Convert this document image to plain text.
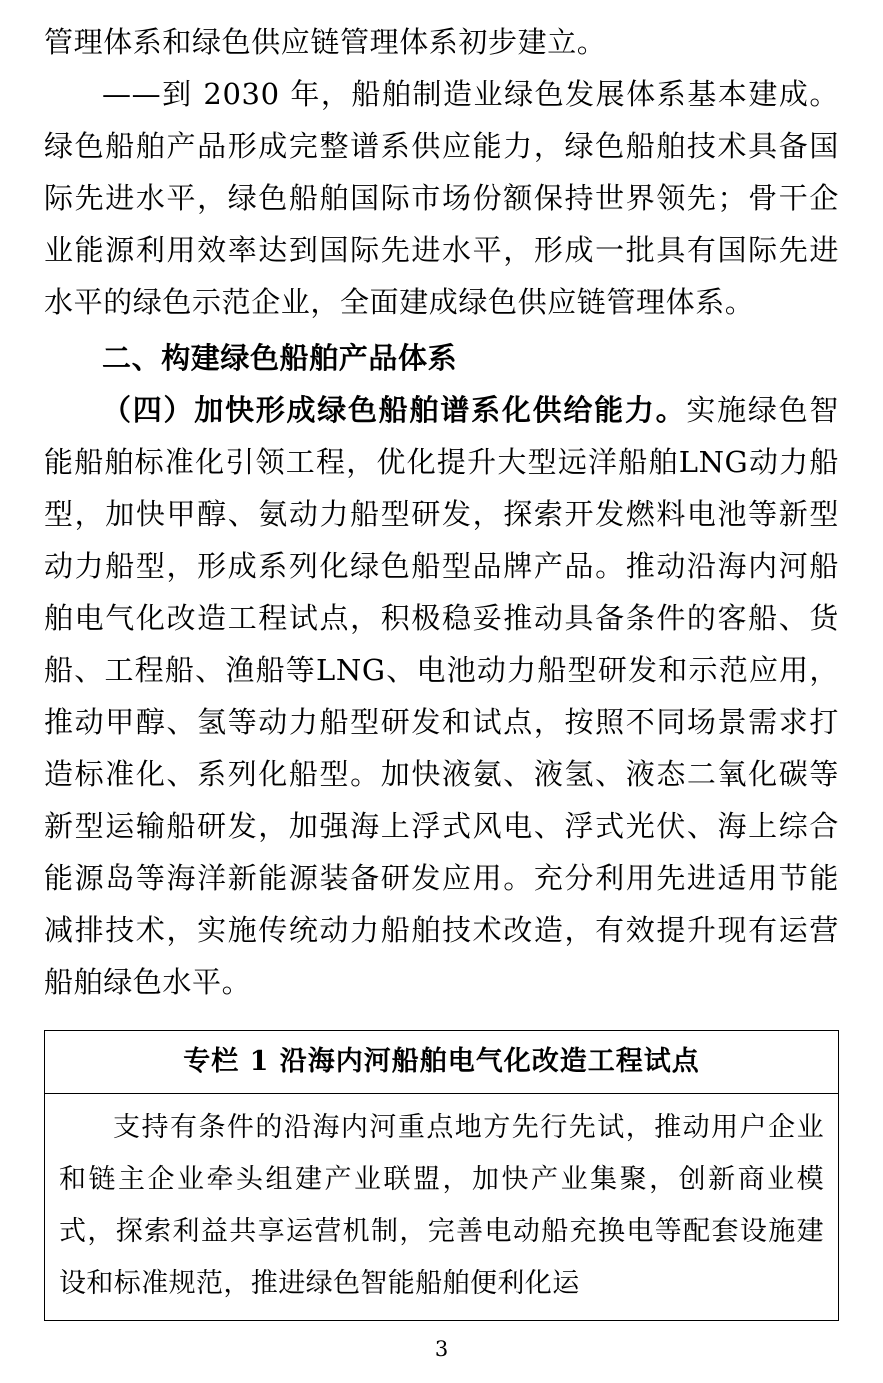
管理体系和绿色供应链管理体系初步建立。

——到 2030 年，船舶制造业绿色发展体系基本建成。绿色船舶产品形成完整谱系供应能力，绿色船舶技术具备国际先进水平，绿色船舶国际市场份额保持世界领先；骨干企业能源利用效率达到国际先进水平，形成一批具有国际先进水平的绿色示范企业，全面建成绿色供应链管理体系。

二、构建绿色船舶产品体系

（四）加快形成绿色船舶谱系化供给能力。实施绿色智能船舶标准化引领工程，优化提升大型远洋船舶LNG动力船型，加快甲醇、氨动力船型研发，探索开发燃料电池等新型动力船型，形成系列化绿色船型品牌产品。推动沿海内河船舶电气化改造工程试点，积极稳妥推动具备条件的客船、货船、工程船、渔船等LNG、电池动力船型研发和示范应用，推动甲醇、氢等动力船型研发和试点，按照不同场景需求打造标准化、系列化船型。加快液氨、液氢、液态二氧化碳等新型运输船研发，加强海上浮式风电、浮式光伏、海上综合能源岛等海洋新能源装备研发应用。充分利用先进适用节能减排技术，实施传统动力船舶技术改造，有效提升现有运营船舶绿色水平。

专栏 1 沿海内河船舶电气化改造工程试点

支持有条件的沿海内河重点地方先行先试，推动用户企业和链主企业牵头组建产业联盟，加快产业集聚，创新商业模式，探索利益共享运营机制，完善电动船充换电等配套设施建设和标准规范，推进绿色智能船舶便利化运

3
